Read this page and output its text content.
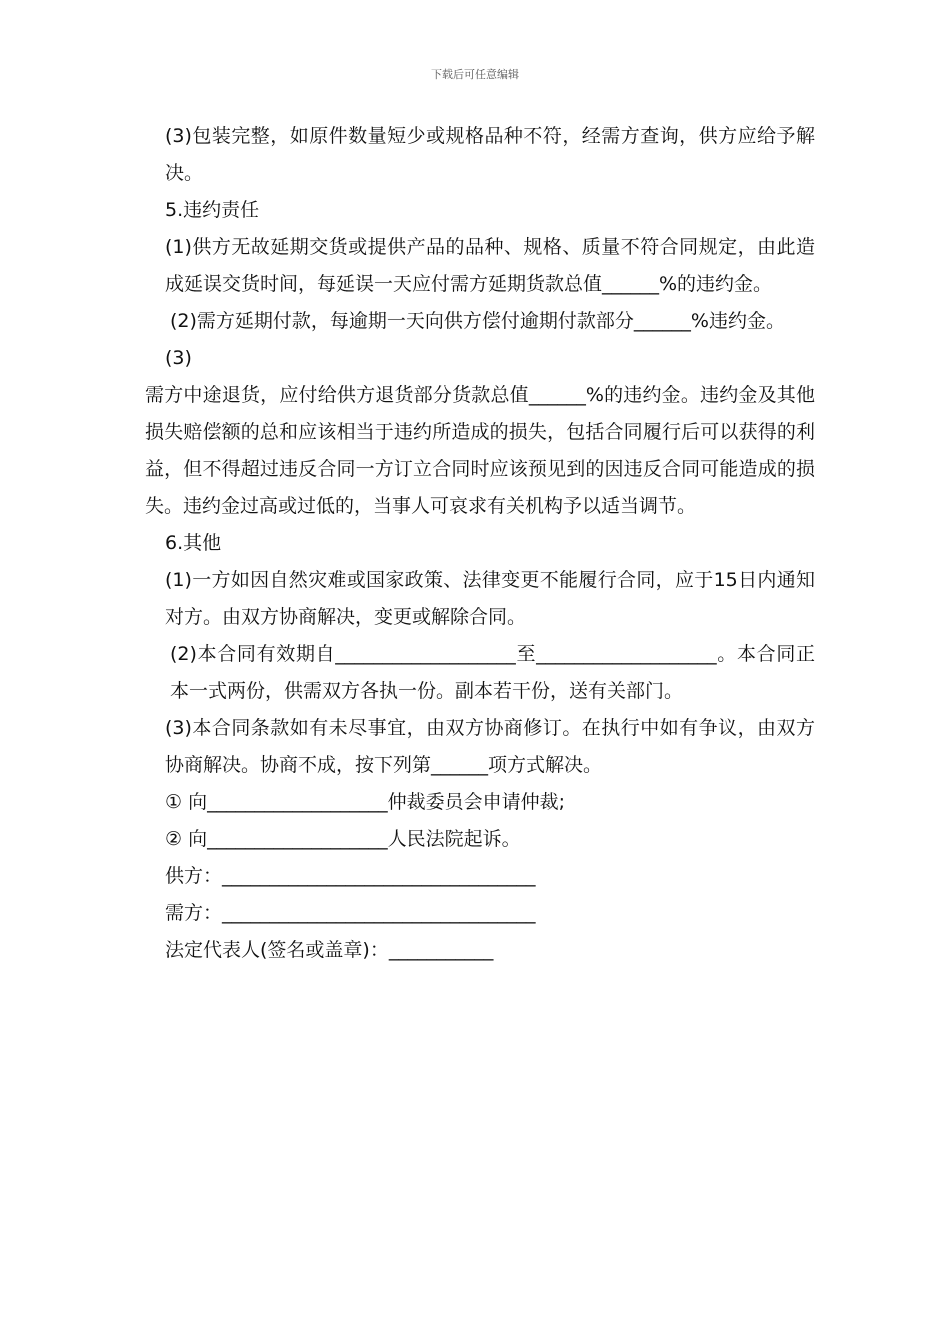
下载后可任意编辑

(3)包装完整，如原件数量短少或规格品种不符，经需方查询，供方应给予解决。

5.违约责任

(1)供方无故延期交货或提供产品的品种、规格、质量不符合同规定，由此造成延误交货时间，每延误一天应付需方延期货款总值______%的违约金。

(2)需方延期付款，每逾期一天向供方偿付逾期付款部分______%违约金。

(3)

需方中途退货，应付给供方退货部分货款总值______%的违约金。违约金及其他损失赔偿额的总和应该相当于违约所造成的损失，包括合同履行后可以获得的利益，但不得超过违反合同一方订立合同时应该预见到的因违反合同可能造成的损失。违约金过高或过低的，当事人可哀求有关机构予以适当调节。

6.其他

(1)一方如因自然灾难或国家政策、法律变更不能履行合同，应于15日内通知对方。由双方协商解决，变更或解除合同。

(2)本合同有效期自___________________至___________________。本合同正本一式两份，供需双方各执一份。副本若干份，送有关部门。

(3)本合同条款如有未尽事宜，由双方协商修订。在执行中如有争议，由双方协商解决。协商不成，按下列第______项方式解决。

① 向___________________仲裁委员会申请仲裁;

② 向___________________人民法院起诉。

供方：_________________________________

需方：_________________________________

法定代表人(签名或盖章)：___________
